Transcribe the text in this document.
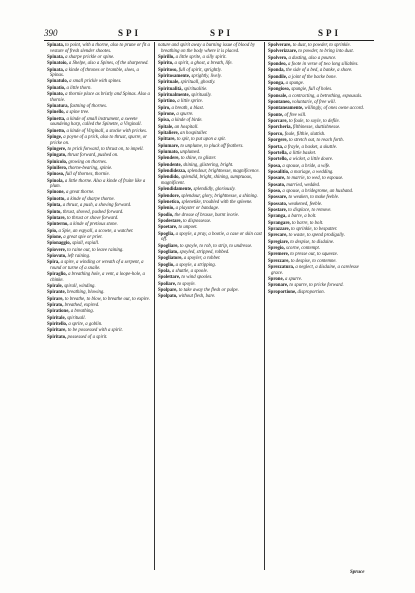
390	SPI	SPI	SPI

Spinata, to point, with a thorne, also to prune or fit a vesture of fresh slender shootes.

Spinata, a sharpe prickle or spine.

Spinatoio, a Shelpe, also a Spines, of the sharpened.

Spinata, a kinde of thrones or bramble, sloes, a Spinas.

Spinatulo, a small prickle with spines.

Spinatio, a little thorn.

Spinato, a thornie place as bristly and Spinas. Also a thornie.

Spinatura, fastning of thornes.

Spinello, a spine tree.

Spinetta, a kinde of small instrument, a sweete soundeing harp, called the Spinette, a Virginall.

Spinetto, a kinde of Virginall, a stocke with prickes.

Spinge, a poyne of a prick, also to thrust, spurre, or pricke on.

Spingere, to prick forward, to thrust on, to impell.

Spingato, thrust forward, pushed on.

Spinicolo, growing on thornes.

Spinifero, thorne-bearing, spinie.

Spinoso, full of thornes, thornie.

Spinola, a little thorne. Also a kinde of fruite like a plum.

Spinone, a great thorne.

Spinotto, a kinde of sharpe thorne.

Spinta, a thrust, a push, a shoving forward.

Spinto, thrust, shoved, pushed forward.

Spintare, to thrust or shove forward.

Spinterno, a kinde of pretious stone.

Spio, a Spie, an espyall, a scowte, a watcher.

Spione, a great spie or prier.

Spionaggio, spiall, espiall.

Spiovere, to raine out, to leave raining.

Spiovuto, left raining.

Spira, a spire, a winding or wreath of a serpent, a round or turne of a snaile.

Spiraglio, a breathing hole, a vent, a loope-hole, a chinke.

Spirale, spirall, winding.

Spirante, breathing, blowing.

Spirare, to breathe, to blow, to breathe out, to expire.

Spirato, breathed, expired.

Spiratione, a breathing.

Spiritale, spirituall.

Spiritello, a sprite, a goblin.

Spiritare, to be possessed with a spirit.

Spiritato, possessed of a spirit.

nature and spirit away a burning issue of blood by breathing on the body where it is placed.

Spirillo, a little sprite, a silly spirit.

Spirito, a spirit, a ghost, a breath, life.

Spiritoso, full of spirit, sprightly.

Spiritosamente, sprightly, lively.

Spirituale, spirituall, ghostly.

Spiritualità, spiritualitie.

Spiritualmente, spiritually.

Spirtino, a little sprite.

Spiro, a breath, a blast.

Spirone, a spurre.

Spisa, a kinde of birde.

Spitale, an hospitall.

Spitaliere, an hospitaller.

Spittare, to spit, to put upon a spit.

Spiumare, to unplume, to pluck off feathers.

Spiumato, unplumed.

Splendere, to shine, to glister.

Splendente, shining, glistering, bright.

Splendidezza, splendour, brightnesse, magnificence.

Splendido, splendid, bright, shining, sumptuous, magnificent.

Splendidamente, splendidly, gloriously.

Splendore, splendour, glory, brightnesse, a shining.

Splenetico, splenetike, troubled with the spleene.

Splenio, a playster or bandage.

Spodio, the drosse of brasse, burnt ivorie.

Spodestare, to dispossesse.

Spoetare, to unpoet.

Spoglia, a spoyle, a pray, a bootie, a case or skin cast off.

Spogliare, to spoyle, to rob, to strip, to undresse.

Spogliato, spoyled, stripped, robbed.

Spogliatore, a spoyler, a robber.

Spoglio, a spoyle, a stripping.

Spola, a shuttle, a spoole.

Spolettare, to wind spooles.

Spoliare, to spoyle.

Spolpare, to take away the flesh or pulpe.

Spolpato, without flesh, bare.

Spolverare, to dust, to powder, to sprinkle.

Spolverizzare, to powder, to bring into dust.

Spolvero, a dusting, also a pounce.

Spondeo, a foote in verse of two long sillables.

Sponda, the side of a bed, a banke, a shore.

Spondile, a joint of the backe bone.

Sponga, a spunge.

Spongioso, spungie, full of holes.

Sponsale, a contracting, a betrothing, espousals.

Spontaneo, voluntarie, of free will.

Spontaneamente, willingly, of ones owne accord.

Sponte, of free will.

Sporcare, to foule, to soyle, to defile.

Sporcheria, filthinesse, sluttishnesse.

Sporco, foule, filthie, sluttish.

Sporgere, to stretch out, to reach forth.

Sporta, a frayle, a basket, a skuttle.

Sportella, a little basket.

Sportello, a wicket, a little doore.

Sposa, a spouse, a bride, a wife.

Sposalitio, a mariage, a wedding.

Sposare, to marrie, to wed, to espouse.

Sposato, married, wedded.

Sposo, a spouse, a bridegrome, an husband.

Spossare, to weaken, to make feeble.

Spossato, weakened, feeble.

Spostare, to displace, to remove.

Spranga, a barre, a bolt.

Sprangare, to barre, to bolt.

Sprazzare, to sprinkle, to bespatter.

Sprecare, to waste, to spend prodigally.

Spregiare, to despise, to disdaine.

Spregio, scorne, contempt.

Spremere, to presse out, to squeeze.

Sprezzare, to despise, to contemne.

Sprezzatura, a neglect, a disdaine, a carelesse grace.

Sprone, a spurre.

Spronare, to spurre, to pricke forward.

Sproportione, disproportion.

Spruce
